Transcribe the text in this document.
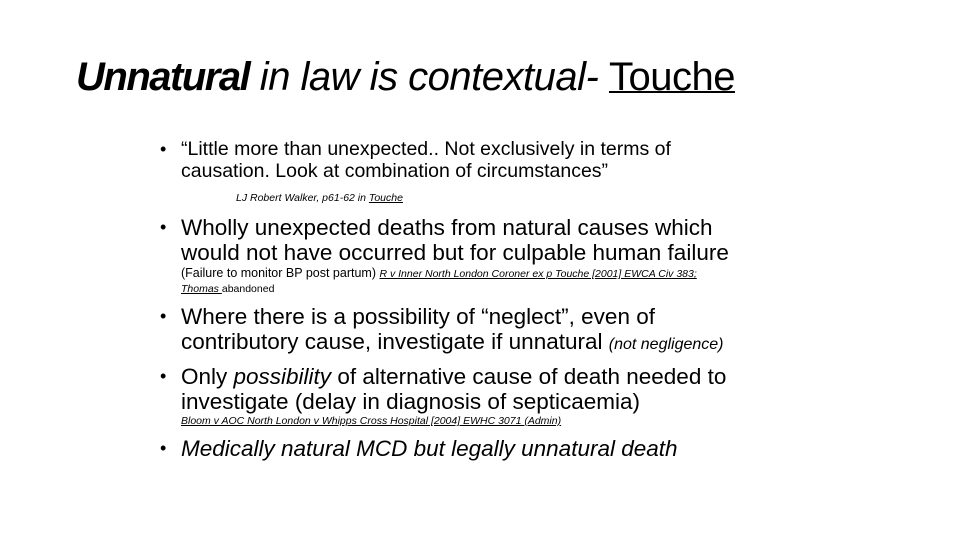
Unnatural in law is contextual- Touche
• “Little more than unexpected.. Not exclusively in terms of
causation. Look at combination of circumstances”
LJ Robert Walker, p61-62 in Touche
• Wholly unexpected deaths from natural causes which
would not have occurred but for culpable human failure
(Failure to monitor BP post partum) R v Inner North London Coroner ex p Touche [2001] EWCA Civ 383;
Thomas abandoned
• Where there is a possibility of “neglect”, even of
contributory cause, investigate if unnatural (not negligence)
• Only possibility of alternative cause of death needed to
investigate (delay in diagnosis of septicaemia)
Bloom v AOC North London v Whipps Cross Hospital [2004] EWHC 3071 (Admin)
• Medically natural MCD but legally unnatural death
